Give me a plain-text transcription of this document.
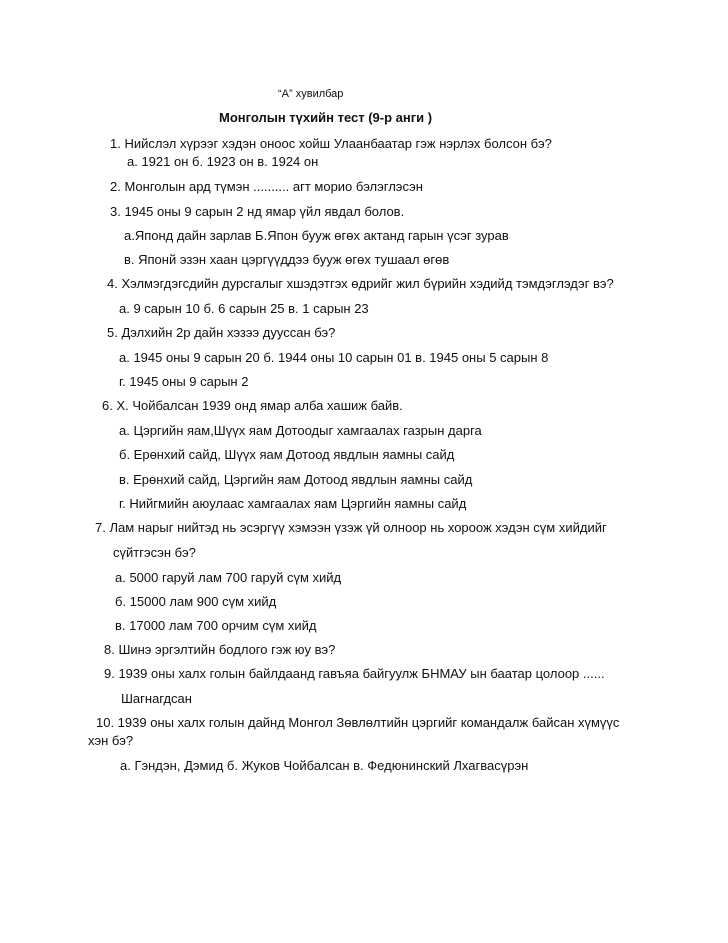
“A” хувилбар
Монголын түхийн тест (9-р анги )
1. Нийслэл хүрээг хэдэн оноос хойш Улаанбаатар гэж нэрлэх болсон бэ?
а. 1921 он б. 1923 он в. 1924 он
2. Монголын ард түмэн .......... агт морио бэлэглэсэн
3. 1945 оны 9 сарын 2 нд ямар үйл явдал болов.
а.Японд дайн зарлав Б.Япон бууж өгөх актанд гарын үсэг зурав
в. Японй эзэн хаан цэргүүддээ бууж өгөх тушаал өгөв
4. Хэлмэгдэгсдийн дурсгалыг хшэдэтгэх өдрийг жил бүрийн хэдийд тэмдэглэдэг вэ?
а. 9 сарын 10 б. 6 сарын 25 в. 1 сарын 23
5. Дэлхийн 2р дайн хэзээ дууссан бэ?
а. 1945 оны 9 сарын 20 б. 1944 оны 10 сарын 01 в. 1945 оны 5 сарын 8
г. 1945 оны 9 сарын 2
6. Х. Чойбалсан 1939 онд ямар алба хашиж байв.
а. Цэргийн яам,Шүүх яам Дотоодыг хамгаалах газрын дарга
б. Ерөнхий сайд, Шүүх яам Дотоод явдлын яамны сайд
в. Ерөнхий сайд, Цэргийн яам Дотоод явдлын яамны сайд
г. Нийгмийн аюулаас хамгаалах яам Цэргийн яамны сайд
7. Лам нарыг нийтэд нь эсэргүү хэмээн үзэж үй олноор нь хороож хэдэн сүм хийдийг
сүйтгэсэн бэ?
а. 5000 гаруй лам 700 гаруй сүм хийд
б. 15000 лам 900 сүм хийд
в. 17000 лам 700 орчим сүм хийд
8. Шинэ эргэлтийн бодлого гэж юу вэ?
9. 1939 оны халх голын байлдаанд гавъяа байгуулж БНМАУ ын баатар цолоор ......
Шагнагдсан
10. 1939 оны халх голын дайнд Монгол Зөвлөлтийн цэргийг командалж байсан хүмүүс
хэн бэ?
а. Гэндэн, Дэмид б. Жуков Чойбалсан в. Федюнинский Лхагвасүрэн
